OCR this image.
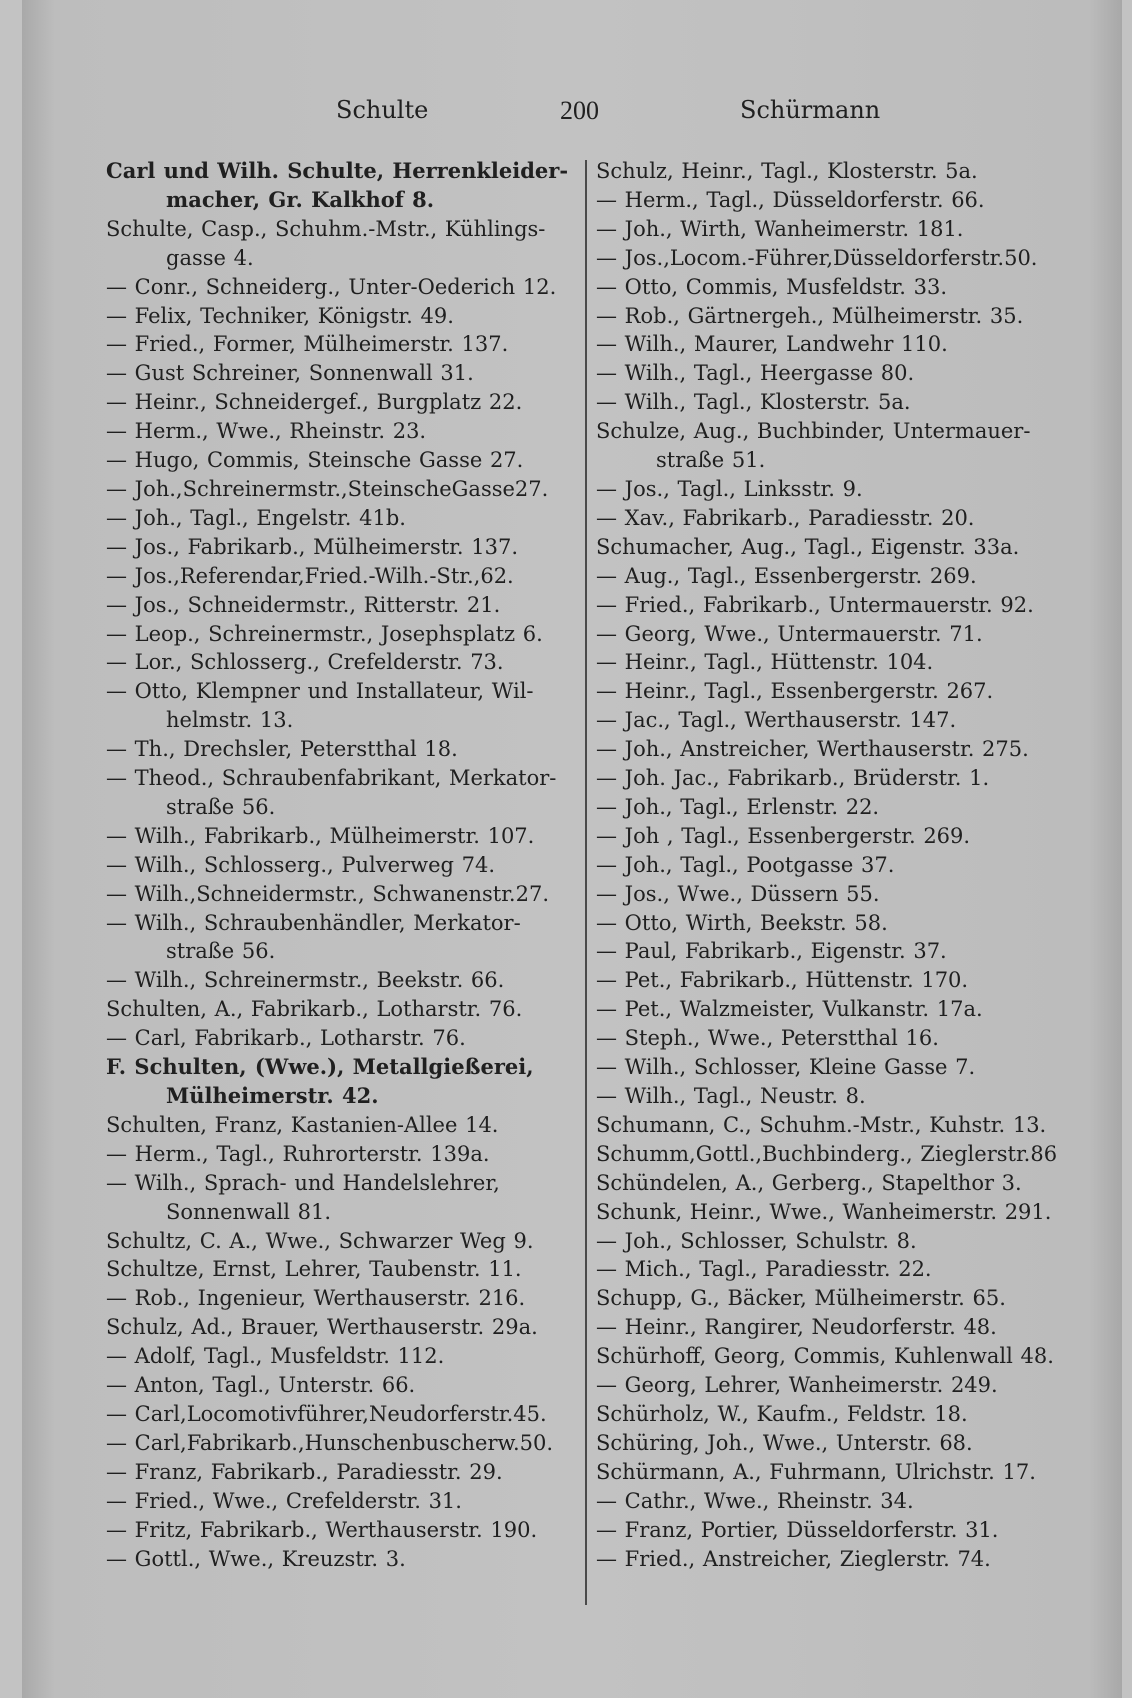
Schulte	200	Schürmann
Carl und Wilh. Schulte, Herrenkleider-macher, Gr. Kalkhof 8.
Schulte, Casp., Schuhm.-Mstr., Kühlings-gasse 4.
— Conr., Schneiderg., Unter-Oederich 12.
— Felix, Techniker, Königstr. 49.
— Fried., Former, Mülheimerstr. 137.
— Gust Schreiner, Sonnenwall 31.
— Heinr., Schneidergef., Burgplatz 22.
— Herm., Wwe., Rheinstr. 23.
— Hugo, Commis, Steinsche Gasse 27.
— Joh.,Schreinermstr.,SteinscheGasse27.
— Joh., Tagl., Engelstr. 41b.
— Jos., Fabrikarb., Mülheimerstr. 137.
— Jos.,Referendar,Fried.-Wilh.-Str.,62.
— Jos., Schneidermstr., Ritterstr. 21.
— Leop., Schreinermstr., Josephsplatz 6.
— Lor., Schlosserg., Crefelderstr. 73.
— Otto, Klempner und Installateur, Wil-helmstr. 13.
— Th., Drechsler, Peterstthal 18.
— Theod., Schraubenfabrikant, Merkator-straße 56.
— Wilh., Fabrikarb., Mülheimerstr. 107.
— Wilh., Schlosserg., Pulverweg 74.
— Wilh.,Schneidermstr., Schwanenstr.27.
— Wilh., Schraubenhändler, Merkator-straße 56.
— Wilh., Schreinermstr., Beekstr. 66.
Schulten, A., Fabrikarb., Lotharstr. 76.
— Carl, Fabrikarb., Lotharstr. 76.
F. Schulten, (Wwe.), Metallgießerei, Mülheimerstr. 42.
Schulten, Franz, Kastanien-Allee 14.
— Herm., Tagl., Ruhrorterstr. 139a.
— Wilh., Sprach- und Handelslehrer, Sonnenwall 81.
Schultz, C. A., Wwe., Schwarzer Weg 9.
Schultze, Ernst, Lehrer, Taubenstr. 11.
— Rob., Ingenieur, Werthauserstr. 216.
Schulz, Ad., Brauer, Werthauserstr. 29a.
— Adolf, Tagl., Musfeldstr. 112.
— Anton, Tagl., Unterstr. 66.
— Carl,Locomotivführer,Neudorferstr.45.
— Carl,Fabrikarb.,Hunschenbuscherw.50.
— Franz, Fabrikarb., Paradiesstr. 29.
— Fried., Wwe., Crefelderstr. 31.
— Fritz, Fabrikarb., Werthauserstr. 190.
— Gottl., Wwe., Kreuzstr. 3.
Schulz, Heinr., Tagl., Klosterstr. 5a.
— Herm., Tagl., Düsseldorferstr. 66.
— Joh., Wirth, Wanheimerstr. 181.
— Jos.,Locom.-Führer,Düsseldorferstr.50.
— Otto, Commis, Musfeldstr. 33.
— Rob., Gärtnergeh., Mülheimerstr. 35.
— Wilh., Maurer, Landwehr 110.
— Wilh., Tagl., Heergasse 80.
— Wilh., Tagl., Klosterstr. 5a.
Schulze, Aug., Buchbinder, Untermauer-straße 51.
— Jos., Tagl., Linksstr. 9.
— Xav., Fabrikarb., Paradiesstr. 20.
Schumacher, Aug., Tagl., Eigenstr. 33a.
— Aug., Tagl., Essenbergerstr. 269.
— Fried., Fabrikarb., Untermauerstr. 92.
— Georg, Wwe., Untermauerstr. 71.
— Heinr., Tagl., Hüttenstr. 104.
— Heinr., Tagl., Essenbergerstr. 267.
— Jac., Tagl., Werthauserstr. 147.
— Joh., Anstreicher, Werthauserstr. 275.
— Joh. Jac., Fabrikarb., Brüderstr. 1.
— Joh., Tagl., Erlenstr. 22.
— Joh , Tagl., Essenbergerstr. 269.
— Joh., Tagl., Pootgasse 37.
— Jos., Wwe., Düssern 55.
— Otto, Wirth, Beekstr. 58.
— Paul, Fabrikarb., Eigenstr. 37.
— Pet., Fabrikarb., Hüttenstr. 170.
— Pet., Walzmeister, Vulkanstr. 17a.
— Steph., Wwe., Peterstthal 16.
— Wilh., Schlosser, Kleine Gasse 7.
— Wilh., Tagl., Neustr. 8.
Schumann, C., Schuhm.-Mstr., Kuhstr. 13.
Schumm,Gottl.,Buchbinderg., Zieglerstr.86
Schündelen, A., Gerberg., Stapelthor 3.
Schunk, Heinr., Wwe., Wanheimerstr. 291.
— Joh., Schlosser, Schulstr. 8.
— Mich., Tagl., Paradiesstr. 22.
Schupp, G., Bäcker, Mülheimerstr. 65.
— Heinr., Rangirer, Neudorferstr. 48.
Schürhoff, Georg, Commis, Kuhlenwall 48.
— Georg, Lehrer, Wanheimerstr. 249.
Schürholz, W., Kaufm., Feldstr. 18.
Schüring, Joh., Wwe., Unterstr. 68.
Schürmann, A., Fuhrmann, Ulrichstr. 17.
— Cathr., Wwe., Rheinstr. 34.
— Franz, Portier, Düsseldorferstr. 31.
— Fried., Anstreicher, Zieglerstr. 74.
